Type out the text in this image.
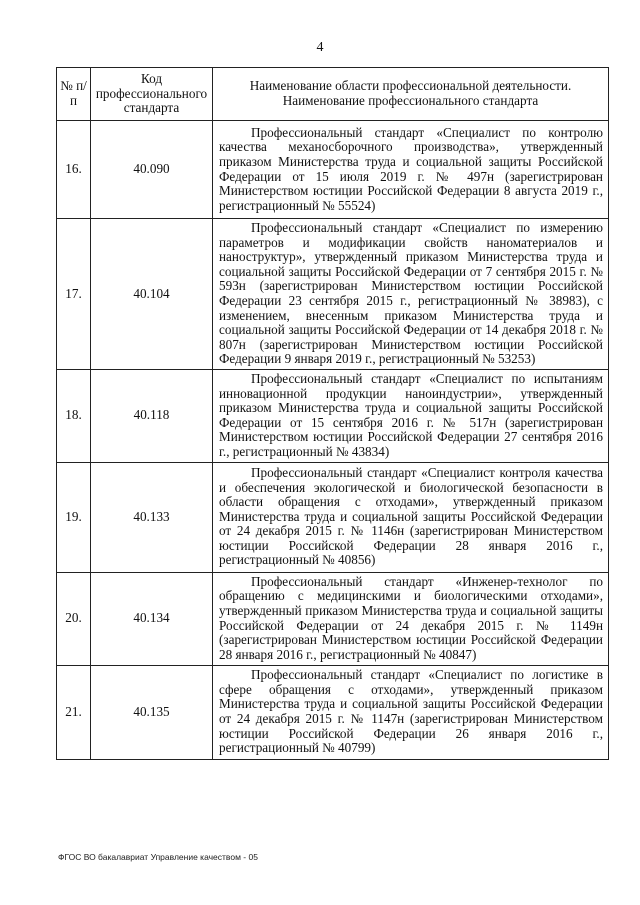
4
№ п/п	Код профессионального стандарта	Наименование области профессиональной деятельности. Наименование профессионального стандарта
16.	40.090	Профессиональный стандарт «Специалист по контролю качества механосборочного производства», утвержденный приказом Министерства труда и социальной защиты Российской Федерации от 15 июля 2019 г. № 497н (зарегистрирован Министерством юстиции Российской Федерации 8 августа 2019 г., регистрационный № 55524)
17.	40.104	Профессиональный стандарт «Специалист по измерению параметров и модификации свойств наноматериалов и наноструктур», утвержденный приказом Министерства труда и социальной защиты Российской Федерации от 7 сентября 2015 г. № 593н (зарегистрирован Министерством юстиции Российской Федерации 23 сентября 2015 г., регистрационный № 38983), с изменением, внесенным приказом Министерства труда и социальной защиты Российской Федерации от 14 декабря 2018 г. № 807н (зарегистрирован Министерством юстиции Российской Федерации 9 января 2019 г., регистрационный № 53253)
18.	40.118	Профессиональный стандарт «Специалист по испытаниям инновационной продукции наноиндустрии», утвержденный приказом Министерства труда и социальной защиты Российской Федерации от 15 сентября 2016 г. № 517н (зарегистрирован Министерством юстиции Российской Федерации 27 сентября 2016 г., регистрационный № 43834)
19.	40.133	Профессиональный стандарт «Специалист контроля качества и обеспечения экологической и биологической безопасности в области обращения с отходами», утвержденный приказом Министерства труда и социальной защиты Российской Федерации от 24 декабря 2015 г. № 1146н (зарегистрирован Министерством юстиции Российской Федерации 28 января 2016 г., регистрационный № 40856)
20.	40.134	Профессиональный стандарт «Инженер-технолог по обращению с медицинскими и биологическими отходами», утвержденный приказом Министерства труда и социальной защиты Российской Федерации от 24 декабря 2015 г. № 1149н (зарегистрирован Министерством юстиции Российской Федерации 28 января 2016 г., регистрационный № 40847)
21.	40.135	Профессиональный стандарт «Специалист по логистике в сфере обращения с отходами», утвержденный приказом Министерства труда и социальной защиты Российской Федерации от 24 декабря 2015 г. № 1147н (зарегистрирован Министерством юстиции Российской Федерации 26 января 2016 г., регистрационный № 40799)
ФГОС ВО бакалавриат Управление качеством - 05
